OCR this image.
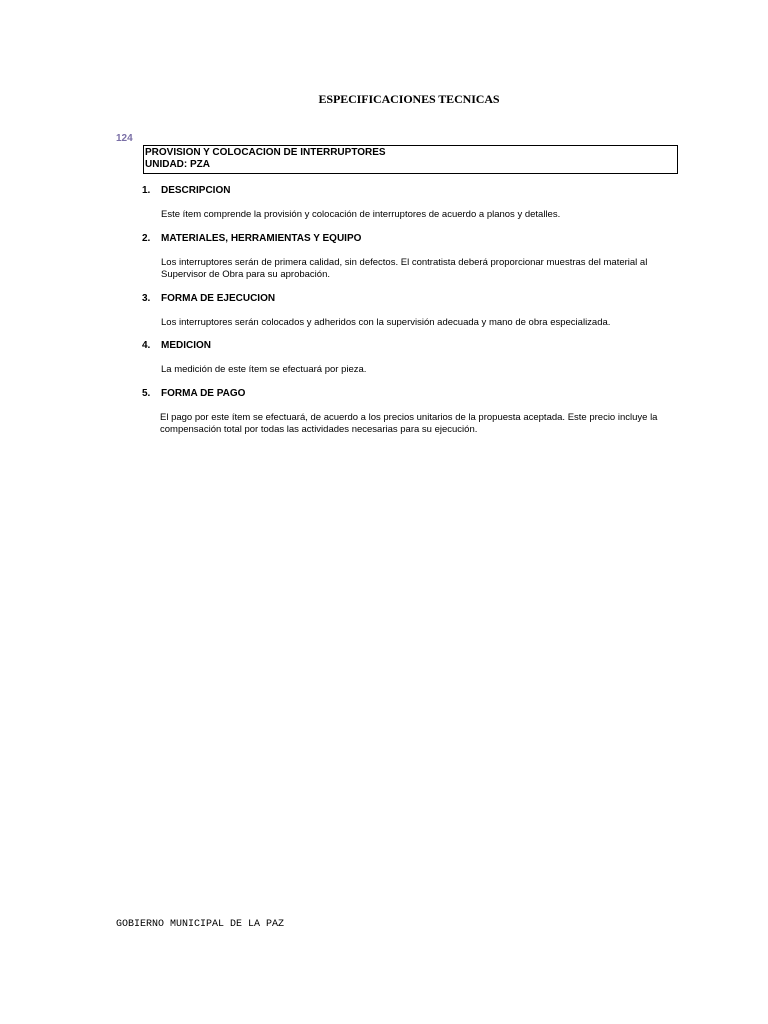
ESPECIFICACIONES TECNICAS
124
PROVISION Y COLOCACION DE INTERRUPTORES
UNIDAD: PZA
1. DESCRIPCION
Este ítem comprende la provisión y colocación de interruptores de acuerdo a planos y detalles.
2. MATERIALES, HERRAMIENTAS Y EQUIPO
Los interruptores serán de primera calidad, sin defectos. El contratista deberá proporcionar muestras del material al Supervisor de Obra para su aprobación.
3. FORMA DE EJECUCION
Los interruptores serán colocados y adheridos con la supervisión adecuada y mano de obra especializada.
4. MEDICION
La medición de este ítem se efectuará por pieza.
5. FORMA DE PAGO
El pago por este ítem se efectuará, de acuerdo a los precios unitarios de la propuesta aceptada. Este precio incluye la compensación total por todas las actividades necesarias para su ejecución.
GOBIERNO MUNICIPAL DE LA PAZ
